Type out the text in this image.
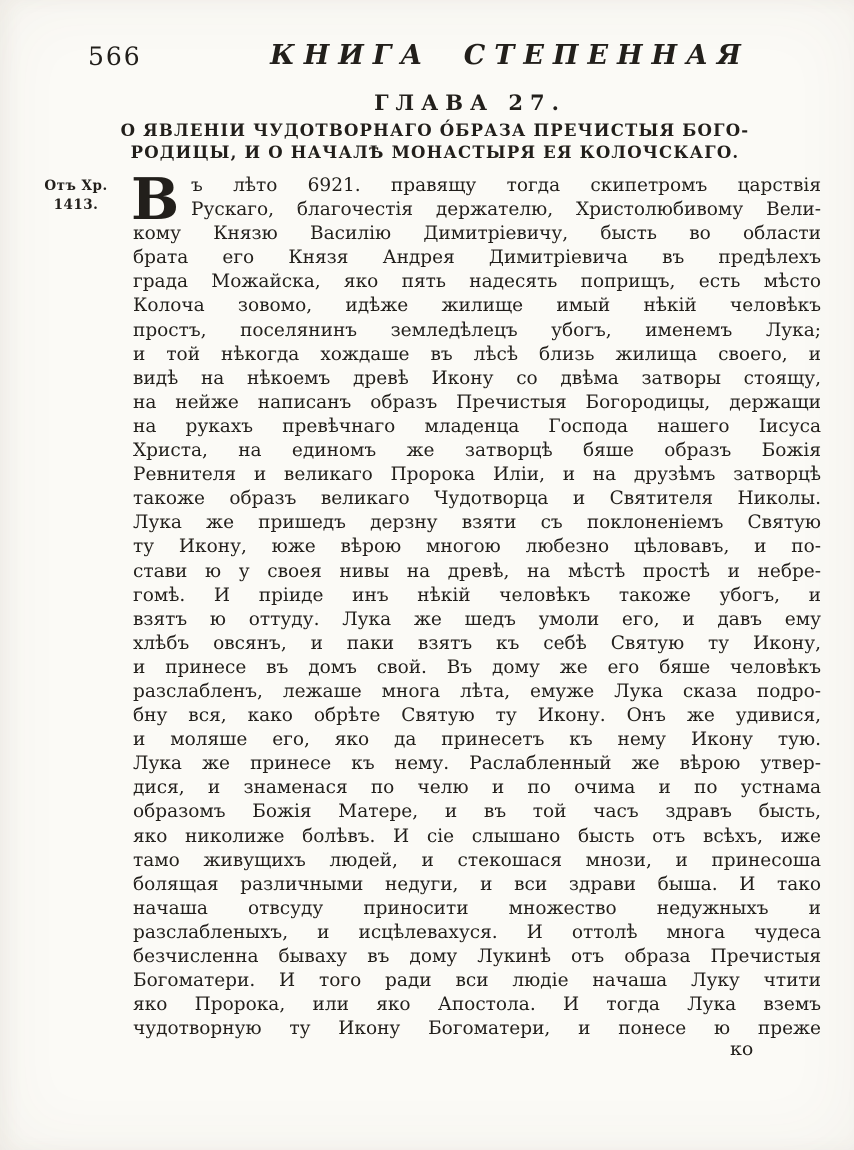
566	КНИГА СТЕПЕННАЯ
ГЛАВА 27.
О ЯВЛЕНІИ ЧУДОТВОРНАГО О́БРАЗА ПРЕЧИСТЫЯ БОГО-
РОДИЦЫ, И О НАЧАЛѢ МОНАСТЫРЯ ЕЯ КОЛОЧСКАГО.
Отъ Хр.
1413. В ъ лѣто 6921. правящу тогда скипетромъ царствія
Рускаго, благочестія держателю, Христолюбивому Вели-
кому Князю Василію Димитріевичу, бысть во области
брата его Князя Андрея Димитріевича въ предѣлехъ
града Можайска, яко пять надесять поприщъ, есть мѣсто
Колоча зовомо, идѣже жилище имый нѣкій человѣкъ
простъ, поселянинъ земледѣлецъ убогъ, именемъ Лука;
и той нѣкогда хождаше въ лѣсѣ близь жилища своего, и
видѣ на нѣкоемъ древѣ Икону со двѣма затворы стоящу,
на нейже написанъ образъ Пречистыя Богородицы, держащи
на рукахъ превѣчнаго младенца Господа нашего Іисуса
Христа, на единомъ же затворцѣ бяше образъ Божія
Ревнителя и великаго Пророка Иліи, и на друзѣмъ затворцѣ
такоже образъ великаго Чудотворца и Святителя Николы.
Лука же пришедъ дерзну взяти съ поклоненіемъ Святую
ту Икону, юже вѣрою многою любезно цѣловавъ, и по-
стави ю у своея нивы на древѣ, на мѣстѣ простѣ и небре-
гомѣ. И пріиде инъ нѣкій человѣкъ такоже убогъ, и
взятъ ю оттуду. Лука же шедъ умоли его, и давъ ему
хлѣбъ овсянъ, и паки взятъ къ себѣ Святую ту Икону,
и принесе въ домъ свой. Въ дому же его бяше человѣкъ
разслабленъ, лежаше многа лѣта, емуже Лука сказа подро-
бну вся, како обрѣте Святую ту Икону. Онъ же удивися,
и моляше его, яко да принесетъ къ нему Икону тую.
Лука же принесе къ нему. Раслабленный же вѣрою утвер-
дися, и знаменася по челю и по очима и по устнама
образомъ Божія Матере, и въ той часъ здравъ бысть,
яко николиже болѣвъ. И сіе слышано бысть отъ всѣхъ, иже
тамо живущихъ людей, и стекошася мнози, и принесоша
болящая различными недуги, и вси здрави быша. И тако
начаша отвсуду приносити множество недужныхъ и
разслабленыхъ, и исцѣлевахуся. И оттолѣ многа чудеса
безчисленна бываху въ дому Лукинѣ отъ образа Пречистыя
Богоматери. И того ради вси людіе начаша Луку чтити
яко Пророка, или яко Апостола. И тогда Лука вземъ
чудотворную ту Икону Богоматери, и понесе ю преже
ко
